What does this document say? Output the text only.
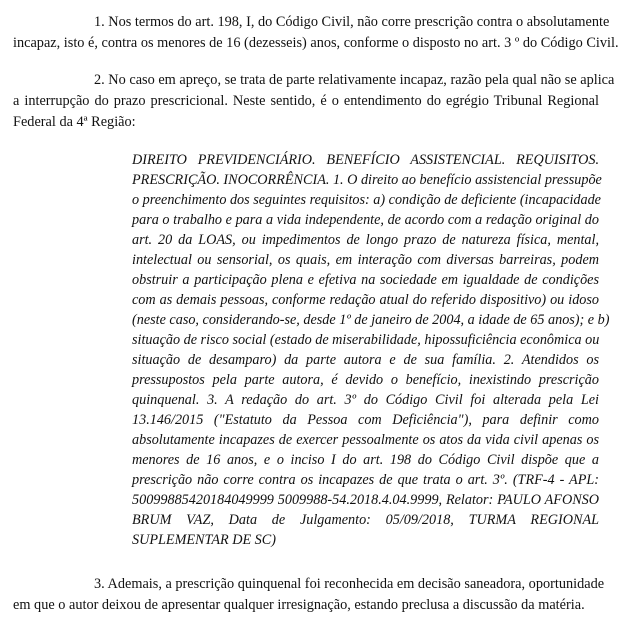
1. Nos termos do art. 198, I, do Código Civil, não corre prescrição contra o absolutamente
incapaz, isto é, contra os menores de 16 (dezesseis) anos, conforme o disposto no art. 3 º do Código Civil.
2. No caso em apreço, se trata de parte relativamente incapaz, razão pela qual não se aplica
a interrupção do prazo prescricional. Neste sentido, é o entendimento do egrégio Tribunal Regional
Federal da 4ª Região:
DIREITO PREVIDENCIÁRIO. BENEFÍCIO ASSISTENCIAL. REQUISITOS.
PRESCRIÇÃO. INOCORRÊNCIA. 1. O direito ao benefício assistencial pressupõe
o preenchimento dos seguintes requisitos: a) condição de deficiente (incapacidade
para o trabalho e para a vida independente, de acordo com a redação original do
art. 20 da LOAS, ou impedimentos de longo prazo de natureza física, mental,
intelectual ou sensorial, os quais, em interação com diversas barreiras, podem
obstruir a participação plena e efetiva na sociedade em igualdade de condições
com as demais pessoas, conforme redação atual do referido dispositivo) ou idoso
(neste caso, considerando-se, desde 1º de janeiro de 2004, a idade de 65 anos); e b)
situação de risco social (estado de miserabilidade, hipossuficiência econômica ou
situação de desamparo) da parte autora e de sua família. 2. Atendidos os
pressupostos pela parte autora, é devido o benefício, inexistindo prescrição
quinquenal. 3. A redação do art. 3º do Código Civil foi alterada pela Lei
13.146/2015 ("Estatuto da Pessoa com Deficiência"), para definir como
absolutamente incapazes de exercer pessoalmente os atos da vida civil apenas os
menores de 16 anos, e o inciso I do art. 198 do Código Civil dispõe que a
prescrição não corre contra os incapazes de que trata o art. 3º. (TRF-4 - APL:
50099885420184049999 5009988-54.2018.4.04.9999, Relator: PAULO AFONSO
BRUM VAZ, Data de Julgamento: 05/09/2018, TURMA REGIONAL
SUPLEMENTAR DE SC)
3. Ademais, a prescrição quinquenal foi reconhecida em decisão saneadora, oportunidade
em que o autor deixou de apresentar qualquer irresignação, estando preclusa a discussão da matéria.
